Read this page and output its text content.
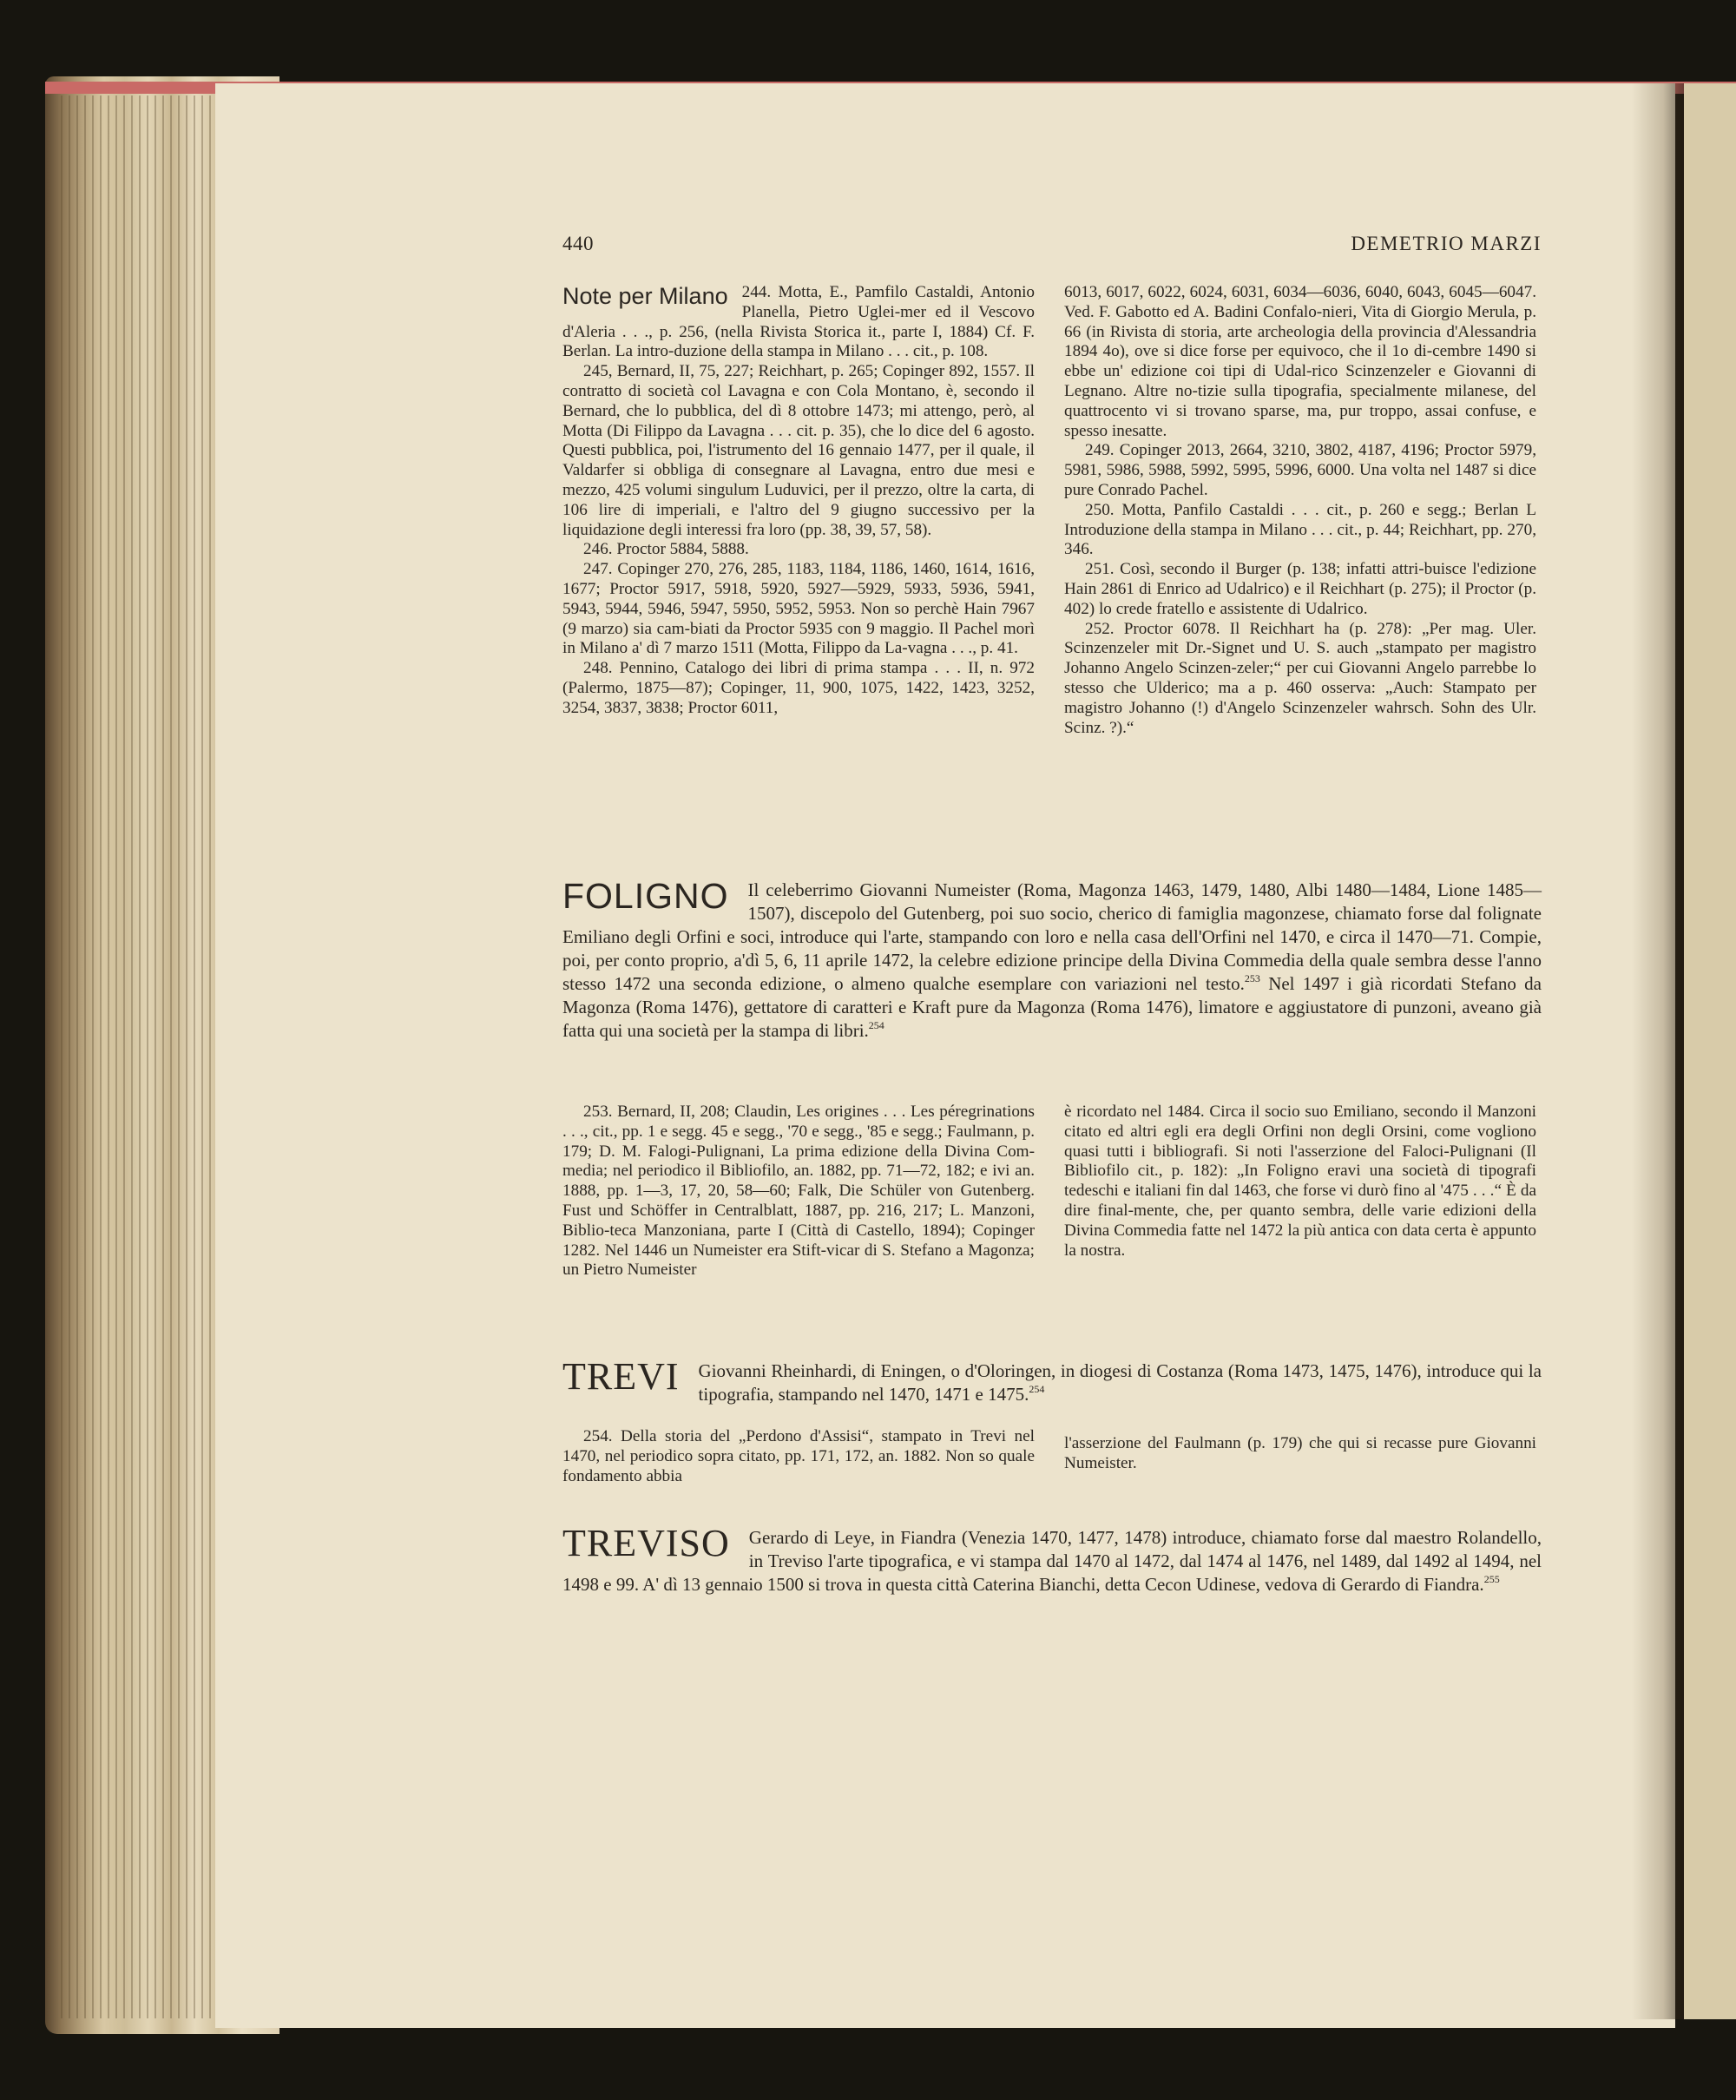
440	DEMETRIO MARZI

Note per Milano 244. Motta, E., Pamfilo Castaldi, Antonio Planella, Pietro Uglei-mer ed il Vescovo d'Aleria . . ., p. 256, (nella Rivista Storica it., parte I, 1884) Cf. F. Berlan. La intro-duzione della stampa in Milano . . . cit., p. 108.

245, Bernard, II, 75, 227; Reichhart, p. 265; Copinger 892, 1557. Il contratto di società col Lavagna e con Cola Montano, è, secondo il Bernard, che lo pubblica, del dì 8 ottobre 1473; mi attengo, però, al Motta (Di Filippo da Lavagna . . . cit. p. 35), che lo dice del 6 agosto. Questi pubblica, poi, l'istrumento del 16 gennaio 1477, per il quale, il Valdarfer si obbliga di consegnare al Lavagna, entro due mesi e mezzo, 425 volumi singulum Luduvici, per il prezzo, oltre la carta, di 106 lire di imperiali, e l'altro del 9 giugno successivo per la liquidazione degli interessi fra loro (pp. 38, 39, 57, 58).

246. Proctor 5884, 5888.

247. Copinger 270, 276, 285, 1183, 1184, 1186, 1460, 1614, 1616, 1677; Proctor 5917, 5918, 5920, 5927—5929, 5933, 5936, 5941, 5943, 5944, 5946, 5947, 5950, 5952, 5953. Non so perchè Hain 7967 (9 marzo) sia cam-biati da Proctor 5935 con 9 maggio. Il Pachel morì in Milano a' dì 7 marzo 1511 (Motta, Filippo da La-vagna . . ., p. 41.

248. Pennino, Catalogo dei libri di prima stampa . . . II, n. 972 (Palermo, 1875—87); Copinger, 11, 900, 1075, 1422, 1423, 3252, 3254, 3837, 3838; Proctor 6011,

6013, 6017, 6022, 6024, 6031, 6034—6036, 6040, 6043, 6045—6047. Ved. F. Gabotto ed A. Badini Confalo-nieri, Vita di Giorgio Merula, p. 66 (in Rivista di storia, arte archeologia della provincia d'Alessandria 1894 4o), ove si dice forse per equivoco, che il 1o di-cembre 1490 si ebbe un' edizione coi tipi di Udal-rico Scinzenzeler e Giovanni di Legnano. Altre no-tizie sulla tipografia, specialmente milanese, del quattrocento vi si trovano sparse, ma, pur troppo, assai confuse, e spesso inesatte.

249. Copinger 2013, 2664, 3210, 3802, 4187, 4196; Proctor 5979, 5981, 5986, 5988, 5992, 5995, 5996, 6000. Una volta nel 1487 si dice pure Conrado Pachel.

250. Motta, Panfilo Castaldi . . . cit., p. 260 e segg.; Berlan L Introduzione della stampa in Milano . . . cit., p. 44; Reichhart, pp. 270, 346.

251. Così, secondo il Burger (p. 138; infatti attri-buisce l'edizione Hain 2861 di Enrico ad Udalrico) e il Reichhart (p. 275); il Proctor (p. 402) lo crede fratello e assistente di Udalrico.

252. Proctor 6078. Il Reichhart ha (p. 278): „Per mag. Uler. Scinzenzeler mit Dr.-Signet und U. S. auch „stampato per magistro Johanno Angelo Scinzen-zeler;“ per cui Giovanni Angelo parrebbe lo stesso che Ulderico; ma a p. 460 osserva: „Auch: Stampato per magistro Johanno (!) d'Angelo Scinzenzeler wahrsch. Sohn des Ulr. Scinz. ?).“

FOLIGNO Il celeberrimo Giovanni Numeister (Roma, Magonza 1463, 1479, 1480, Albi 1480—1484, Lione 1485—1507), discepolo del Gutenberg, poi suo socio, cherico di famiglia magonzese, chiamato forse dal folignate Emiliano degli Orfini e soci, introduce qui l'arte, stampando con loro e nella casa dell'Orfini nel 1470, e circa il 1470—71. Compie, poi, per conto proprio, a'dì 5, 6, 11 aprile 1472, la celebre edizione principe della Divina Commedia della quale sembra desse l'anno stesso 1472 una seconda edizione, o almeno qualche esemplare con variazioni nel testo.$^{253}$ Nel 1497 i già ricordati Stefano da Magonza (Roma 1476), gettatore di caratteri e Kraft pure da Magonza (Roma 1476), limatore e aggiustatore di punzoni, aveano già fatta qui una società per la stampa di libri.$^{254}$

253. Bernard, II, 208; Claudin, Les origines . . . Les péregrinations . . ., cit., pp. 1 e segg. 45 e segg., '70 e segg., '85 e segg.; Faulmann, p. 179; D. M. Falogi-Pulignani, La prima edizione della Divina Com-media; nel periodico il Bibliofilo, an. 1882, pp. 71—72, 182; e ivi an. 1888, pp. 1—3, 17, 20, 58—60; Falk, Die Schüler von Gutenberg. Fust und Schöffer in Centralblatt, 1887, pp. 216, 217; L. Manzoni, Biblio-teca Manzoniana, parte I (Città di Castello, 1894); Copinger 1282. Nel 1446 un Numeister era Stift-vicar di S. Stefano a Magonza; un Pietro Numeister

è ricordato nel 1484. Circa il socio suo Emiliano, secondo il Manzoni citato ed altri egli era degli Orfini non degli Orsini, come vogliono quasi tutti i bibliografi. Si noti l'asserzione del Faloci-Pulignani (Il Bibliofilo cit., p. 182): „In Foligno eravi una società di tipografi tedeschi e italiani fin dal 1463, che forse vi durò fino al '475 . . .“ È da dire final-mente, che, per quanto sembra, delle varie edizioni della Divina Commedia fatte nel 1472 la più antica con data certa è appunto la nostra.

TREVI Giovanni Rheinhardi, di Eningen, o d'Oloringen, in diogesi di Costanza (Roma 1473, 1475, 1476), introduce qui la tipografia, stampando nel 1470, 1471 e 1475.$^{254}$

254. Della storia del „Perdono d'Assisi“, stampato in Trevi nel 1470, nel periodico sopra citato, pp. 171, 172, an. 1882. Non so quale fondamento abbia

l'asserzione del Faulmann (p. 179) che qui si recasse pure Giovanni Numeister.

TREVISO Gerardo di Leye, in Fiandra (Venezia 1470, 1477, 1478) introduce, chiamato forse dal maestro Rolandello, in Treviso l'arte tipografica, e vi stampa dal 1470 al 1472, dal 1474 al 1476, nel 1489, dal 1492 al 1494, nel 1498 e 99. A' dì 13 gennaio 1500 si trova in questa città Caterina Bianchi, detta Cecon Udinese, vedova di Gerardo di Fiandra.$^{255}$
